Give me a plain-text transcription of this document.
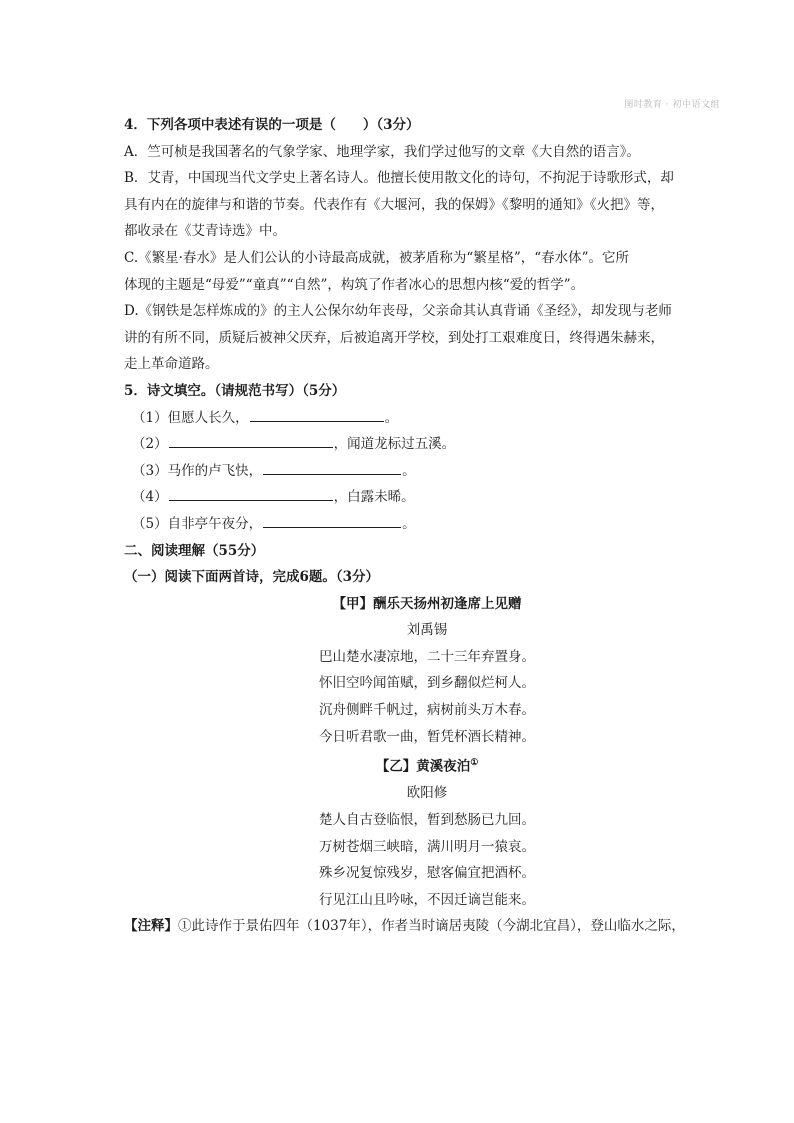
图时教育 · 初中语文组
4．下列各项中表述有误的一项是（　　）（3分）
A．竺可桢是我国著名的气象学家、地理学家，我们学过他写的文章《大自然的语言》。
B．艾青，中国现当代文学史上著名诗人。他擅长使用散文化的诗句，不拘泥于诗歌形式，却
具有内在的旋律与和谐的节奏。代表作有《大堰河，我的保姆》《黎明的通知》《火把》等，
都收录在《艾青诗选》中。
C.《繁星·春水》是人们公认的小诗最高成就，被茅盾称为“繁星格”，“春水体”。它所
体现的主题是“母爱”“童真”“自然”，构筑了作者冰心的思想内核“爱的哲学”。
D.《钢铁是怎样炼成的》的主人公保尔幼年丧母，父亲命其认真背诵《圣经》，却发现与老师
讲的有所不同，质疑后被神父厌弃，后被追离开学校，到处打工艰难度日，终得遇朱赫来，
走上革命道路。
5．诗文填空。（请规范书写）（5分）
（1）但愿人长久，	。
（2）	，闻道龙标过五溪。
（3）马作的卢飞快，	。
（4）	，白露未晞。
（5）自非亭午夜分，	。
二、阅读理解（55分）
（一）阅读下面两首诗，完成6题。（3分）
【甲】酬乐天扬州初逢席上见赠
刘禹锡
巴山楚水凄凉地，二十三年弃置身。
怀旧空吟闻笛赋，到乡翻似烂柯人。
沉舟侧畔千帆过，病树前头万木春。
今日听君歌一曲，暂凭杯酒长精神。
【乙】黄溪夜泊①
欧阳修
楚人自古登临恨，暂到愁肠已九回。
万树苍烟三峡暗，满川明月一猿哀。
殊乡况复惊残岁，慰客偏宜把酒杯。
行见江山且吟咏，不因迁谪岂能来。
【注释】①此诗作于景佑四年（1037年），作者当时谪居夷陵（今湖北宜昌），登山临水之际，
